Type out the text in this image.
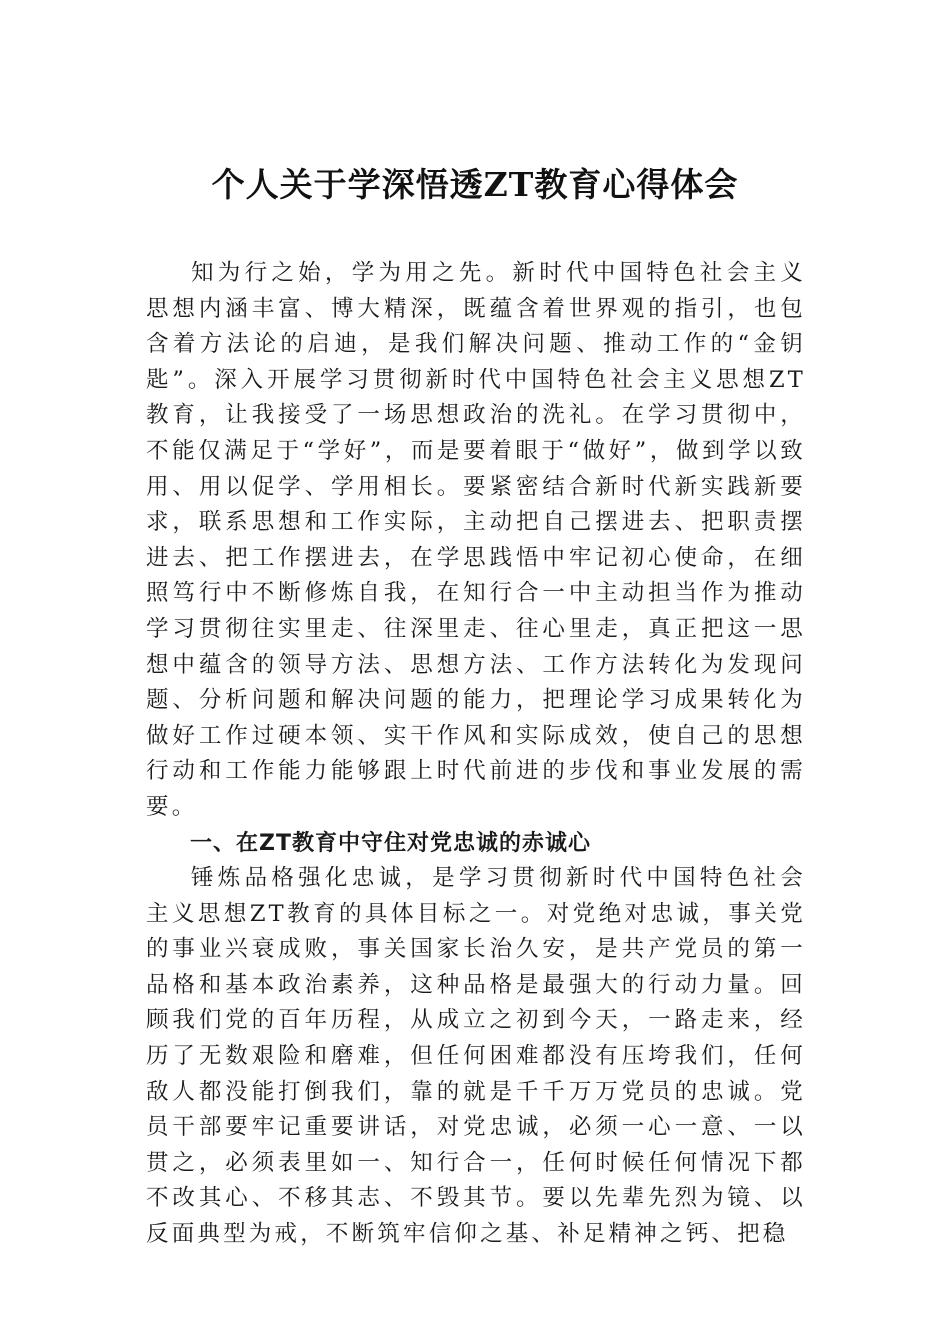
个人关于学深悟透ZT教育心得体会

知为行之始，学为用之先。新时代中国特色社会主义思想内涵丰富、博大精深，既蕴含着世界观的指引，也包含着方法论的启迪，是我们解决问题、推动工作的“金钥匙”。深入开展学习贯彻新时代中国特色社会主义思想ZT教育，让我接受了一场思想政治的洗礼。在学习贯彻中，不能仅满足于“学好”，而是要着眼于“做好”，做到学以致用、用以促学、学用相长。要紧密结合新时代新实践新要求，联系思想和工作实际，主动把自己摆进去、把职责摆进去、把工作摆进去，在学思践悟中牢记初心使命，在细照笃行中不断修炼自我，在知行合一中主动担当作为推动学习贯彻往实里走、往深里走、往心里走，真正把这一思想中蕴含的领导方法、思想方法、工作方法转化为发现问题、分析问题和解决问题的能力，把理论学习成果转化为做好工作过硬本领、实干作风和实际成效，使自己的思想行动和工作能力能够跟上时代前进的步伐和事业发展的需要。

一、在ZT教育中守住对党忠诚的赤诚心

锤炼品格强化忠诚，是学习贯彻新时代中国特色社会主义思想ZT教育的具体目标之一。对党绝对忠诚，事关党的事业兴衰成败，事关国家长治久安，是共产党员的第一品格和基本政治素养，这种品格是最强大的行动力量。回顾我们党的百年历程，从成立之初到今天，一路走来，经历了无数艰险和磨难，但任何困难都没有压垮我们，任何敌人都没能打倒我们，靠的就是千千万万党员的忠诚。党员干部要牢记重要讲话，对党忠诚，必须一心一意、一以贯之，必须表里如一、知行合一，任何时候任何情况下都不改其心、不移其志、不毁其节。要以先辈先烈为镜、以反面典型为戒，不断筑牢信仰之基、补足精神之钙、把稳
